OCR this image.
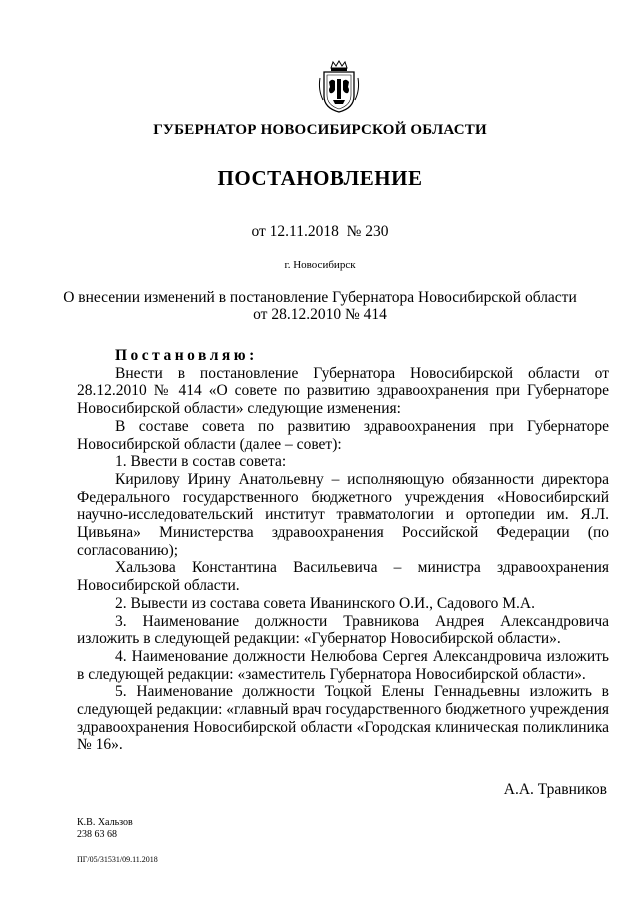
ГУБЕРНАТОР НОВОСИБИРСКОЙ ОБЛАСТИ
ПОСТАНОВЛЕНИЕ
от 12.11.2018  № 230
г. Новосибирск
О внесении изменений в постановление Губернатора Новосибирской области
от 28.12.2010 № 414

Постановляю:

Внести в постановление Губернатора Новосибирской области от 28.12.2010 № 414 «О совете по развитию здравоохранения при Губернаторе Новосибирской области» следующие изменения:

В составе совета по развитию здравоохранения при Губернаторе Новосибирской области (далее – совет):

1. Ввести в состав совета:

Кирилову Ирину Анатольевну – исполняющую обязанности директора Федерального государственного бюджетного учреждения «Новосибирский научно-исследовательский институт травматологии и ортопедии им. Я.Л. Цивьяна» Министерства здравоохранения Российской Федерации (по согласованию);

Хальзова Константина Васильевича – министра здравоохранения Новосибирской области.

2. Вывести из состава совета Иванинского О.И., Садового М.А.

3. Наименование должности Травникова Андрея Александровича изложить в следующей редакции: «Губернатор Новосибирской области».

4. Наименование должности Нелюбова Сергея Александровича изложить в следующей редакции: «заместитель Губернатора Новосибирской области».

5. Наименование должности Тоцкой Елены Геннадьевны изложить в следующей редакции: «главный врач государственного бюджетного учреждения здравоохранения Новосибирской области «Городская клиническая поликлиника № 16».

А.А. Травников
К.В. Хальзов
238 63 68
ПГ/05/31531/09.11.2018
